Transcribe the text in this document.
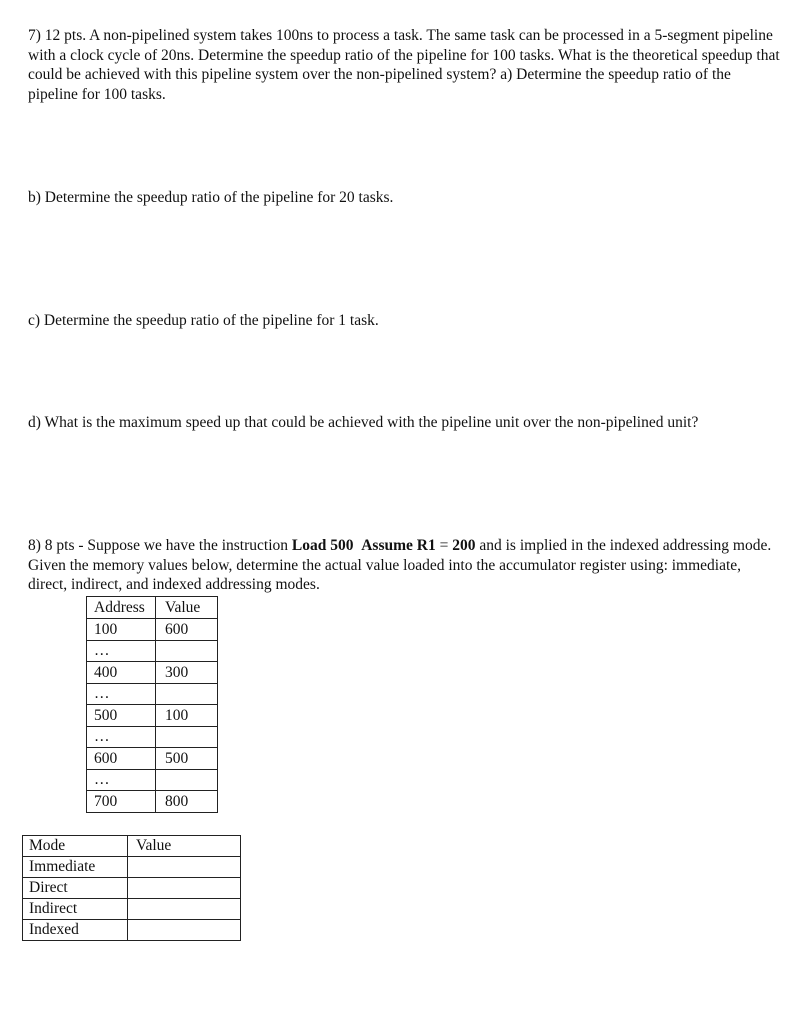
7) 12 pts. A non-pipelined system takes 100ns to process a task. The same task can be processed in a 5-segment pipeline with a clock cycle of 20ns. Determine the speedup ratio of the pipeline for 100 tasks. What is the theoretical speedup that could be achieved with this pipeline system over the non-pipelined system? a) Determine the speedup ratio of the pipeline for 100 tasks.

b) Determine the speedup ratio of the pipeline for 20 tasks.

c) Determine the speedup ratio of the pipeline for 1 task.

d) What is the maximum speed up that could be achieved with the pipeline unit over the non-pipelined unit?

8) 8 pts - Suppose we have the instruction Load 500 Assume R1 = 200 and is implied in the indexed addressing mode. Given the memory values below, determine the actual value loaded into the accumulator register using: immediate, direct, indirect, and indexed addressing modes.

Address	Value
100	600
…	
400	300
…	
500	100
…	
600	500
…	
700	800
Mode	Value
Immediate	
Direct	
Indirect	
Indexed	
